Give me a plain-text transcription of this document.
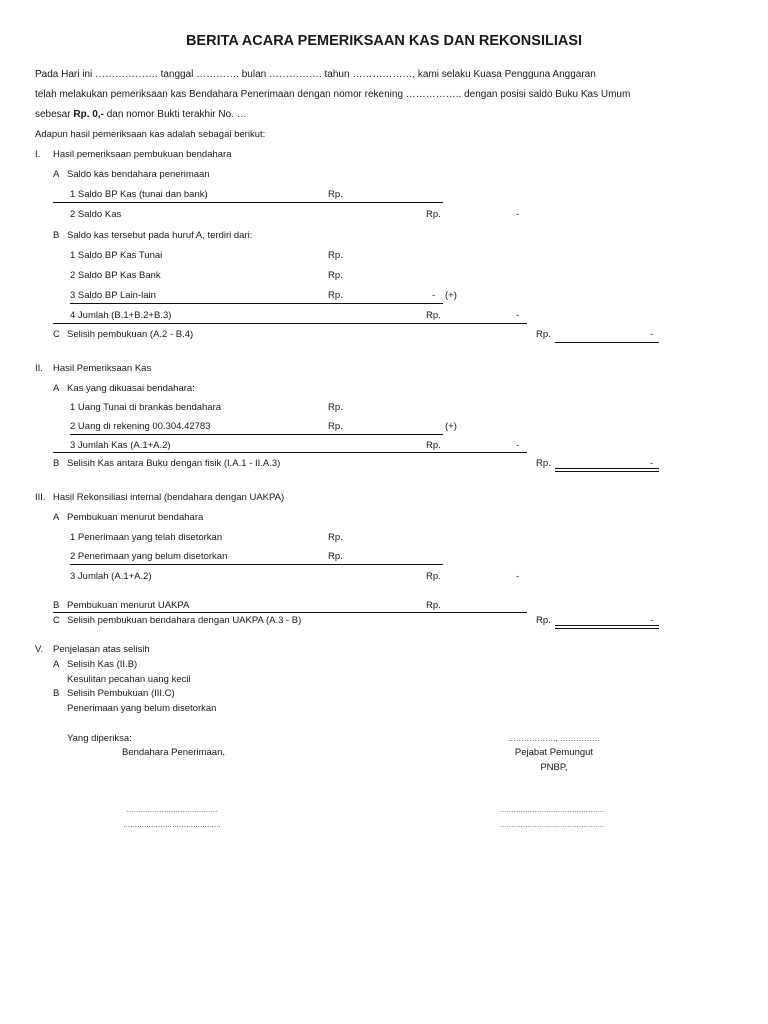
BERITA ACARA PEMERIKSAAN KAS DAN REKONSILIASI
Pada Hari ini ………………. tanggal …………. bulan ……………. tahun ………………, kami selaku Kuasa Pengguna Anggaran
telah melakukan pemeriksaan kas Bendahara Penerimaan dengan nomor rekening …………….. dengan posisi saldo Buku Kas Umum
sebesar Rp. 0,- dan nomor Bukti terakhir No. …
Adapun hasil pemeriksaan kas adalah sebagai berikut:
I. Hasil pemeriksaan pembukuan bendahara
A Saldo kas bendahara penerimaan
1 Saldo BP Kas (tunai dan bank)	Rp.
2 Saldo Kas	Rp.	-
B Saldo kas tersebut pada huruf A, terdiri dari:
1 Saldo BP Kas Tunai	Rp.
2 Saldo BP Kas Bank	Rp.
3 Saldo BP Lain-lain	Rp.	- (+)
4 Jumlah (B.1+B.2+B.3)	Rp.	-
C Selisih pembukuan (A.2 - B.4)	Rp.	-
II. Hasil Pemeriksaan Kas
A Kas yang dikuasai bendahara:
1 Uang Tunai di brankas bendahara	Rp.
2 Uang di rekening 00.304.42783	Rp.	(+)
3 Jumlah Kas (A.1+A.2)	Rp.	-
B Selisih Kas antara Buku dengan fisik (I.A.1 - II.A.3)	Rp.	-
III. Hasil Rekonsiliasi internal (bendahara dengan UAKPA)
A Pembukuan menurut bendahara
1 Penerimaan yang telah disetorkan	Rp.
2 Penerimaan yang belum disetorkan	Rp.
3 Jumlah (A.1+A.2)	Rp.	-
B Pembukuan menurut UAKPA	Rp.
C Selisih pembukuan bendahara dengan UAKPA (A.3 - B)	Rp.	-
V. Penjelasan atas selisih
A Selisih Kas (II.B)
Kesulitan pecahan uang kecil
B Selisih Pembukuan (III.C)
Penerimaan yang belum disetorkan
Yang diperiksa:
Bendahara Penerimaan,
………………, ……………
Pejabat Pemungut
PNBP,
…………………………………
……………………………………
………………………………………
………………………………………
